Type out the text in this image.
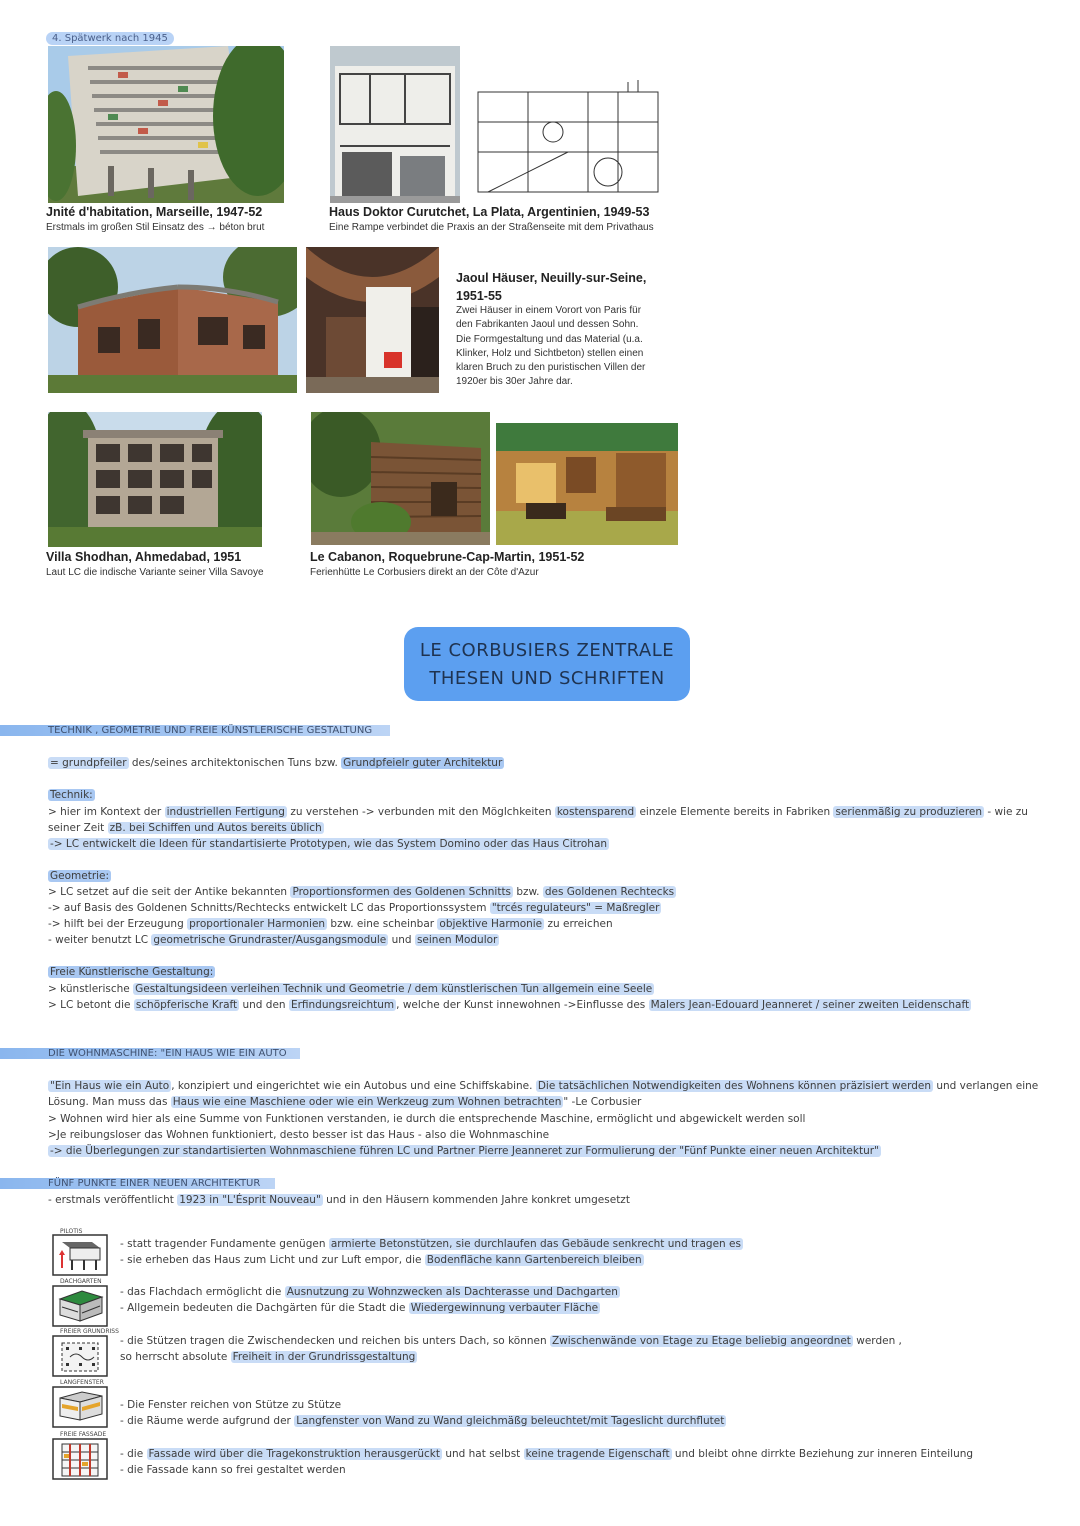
4. Spätwerk nach 1945
Jnité d'habitation, Marseille, 1947-52
Erstmals im großen Stil Einsatz des → béton brut
Haus Doktor Curutchet, La Plata, Argentinien, 1949-53
Eine Rampe verbindet die Praxis an der Straßenseite mit dem Privathaus
Jaoul Häuser, Neuilly-sur-Seine,
1951-55
Zwei Häuser in einem Vorort von Paris für
den Fabrikanten Jaoul und dessen Sohn.
Die Formgestaltung und das Material (u.a.
Klinker, Holz und Sichtbeton) stellen einen
klaren Bruch zu den puristischen Villen der
1920er bis 30er Jahre dar.
Villa Shodhan, Ahmedabad, 1951
Laut LC die indische Variante seiner Villa Savoye
Le Cabanon, Roquebrune-Cap-Martin, 1951-52
Ferienhütte Le Corbusiers direkt an der Côte d'Azur
LE CORBUSIERS ZENTRALE
THESEN UND SCHRIFTEN
TECHNIK , GEOMETRIE UND FREIE KÜNSTLERISCHE GESTALTUNG
= grundpfeiler des/seines architektonischen Tuns bzw. Grundpfeielr guter Architektur
Technik:
> hier im Kontext der industriellen Fertigung zu verstehen -> verbunden mit den Möglchkeiten kostensparend einzele Elemente bereits in Fabriken serienmäßig zu produzieren - wie zu
seiner Zeit zB. bei Schiffen und Autos bereits üblich
-> LC entwickelt die Ideen für standartisierte Prototypen, wie das System Domino oder das Haus Citrohan
Geometrie:
> LC setzet auf die seit der Antike bekannten Proportionsformen des Goldenen Schnitts bzw. des Goldenen Rechtecks
-> auf Basis des Goldenen Schnitts/Rechtecks entwickelt LC das Proportionssystem "trcés regulateurs" = Maßregler
-> hilft bei der Erzeugung proportionaler Harmonien bzw. eine scheinbar objektive Harmonie zu erreichen
- weiter benutzt LC geometrische Grundraster/Ausgangsmodule und seinen Modulor
Freie Künstlerische Gestaltung:
> künstlerische Gestaltungsideen verleihen Technik und Geometrie / dem künstlerischen Tun allgemein eine Seele
> LC betont die schöpferische Kraft und den Erfindungsreichtum , welche der Kunst innewohnen ->Einflusse des Malers Jean-Edouard Jeanneret / seiner zweiten Leidenschaft
DIE WOHNMASCHINE: "EIN HAUS WIE EIN AUTO
"Ein Haus wie ein Auto , konzipiert und eingerichtet wie ein Autobus und eine Schiffskabine. Die tatsächlichen Notwendigkeiten des Wohnens können präzisiert werden und verlangen eine
Lösung. Man muss das Haus wie eine Maschiene oder wie ein Werkzeug zum Wohnen betrachten " -Le Corbusier
> Wohnen wird hier als eine Summe von Funktionen verstanden, ie durch die entsprechende Maschine, ermöglicht und abgewickelt werden soll
>Je reibungsloser das Wohnen funktioniert, desto besser ist das Haus - also die Wohnmaschine
-> die Überlegungen zur standartisierten Wohnmaschiene führen LC und Partner Pierre Jeanneret zur Formulierung der "Fünf Punkte einer neuen Architektur"
FÜNF PUNKTE EINER NEUEN ARCHITEKTUR
- erstmals veröffentlicht 1923 in "L'Ésprit Nouveau" und in den Häusern kommenden Jahre konkret umgesetzt
PILOTIS
- statt tragender Fundamente genügen armierte Betonstützen, sie durchlaufen das Gebäude senkrecht und tragen es
- sie erheben das Haus zum Licht und zur Luft empor, die Bodenfläche kann Gartenbereich bleiben
DACHGARTEN
- das Flachdach ermöglicht die Ausnutzung zu Wohnzwecken als Dachterasse und Dachgarten
- Allgemein bedeuten die Dachgärten für die Stadt die Wiedergewinnung verbauter Fläche
FREIER GRUNDRISS
- die Stützen tragen die Zwischendecken und reichen bis unters Dach, so können Zwischenwände von Etage zu Etage beliebig angeordnet werden ,
so herrscht absolute Freiheit in der Grundrissgestaltung
LANGFENSTER
- Die Fenster reichen von Stütze zu Stütze
- die Räume werde aufgrund der Langfenster von Wand zu Wand gleichmäßg beleuchtet/mit Tageslicht durchflutet
FREIE FASSADE
- die Fassade wird über die Tragekonstruktion herausgerückt und hat selbst keine tragende Eigenschaft und bleibt ohne dirrkte Beziehung zur inneren Einteilung
- die Fassade kann so frei gestaltet werden
